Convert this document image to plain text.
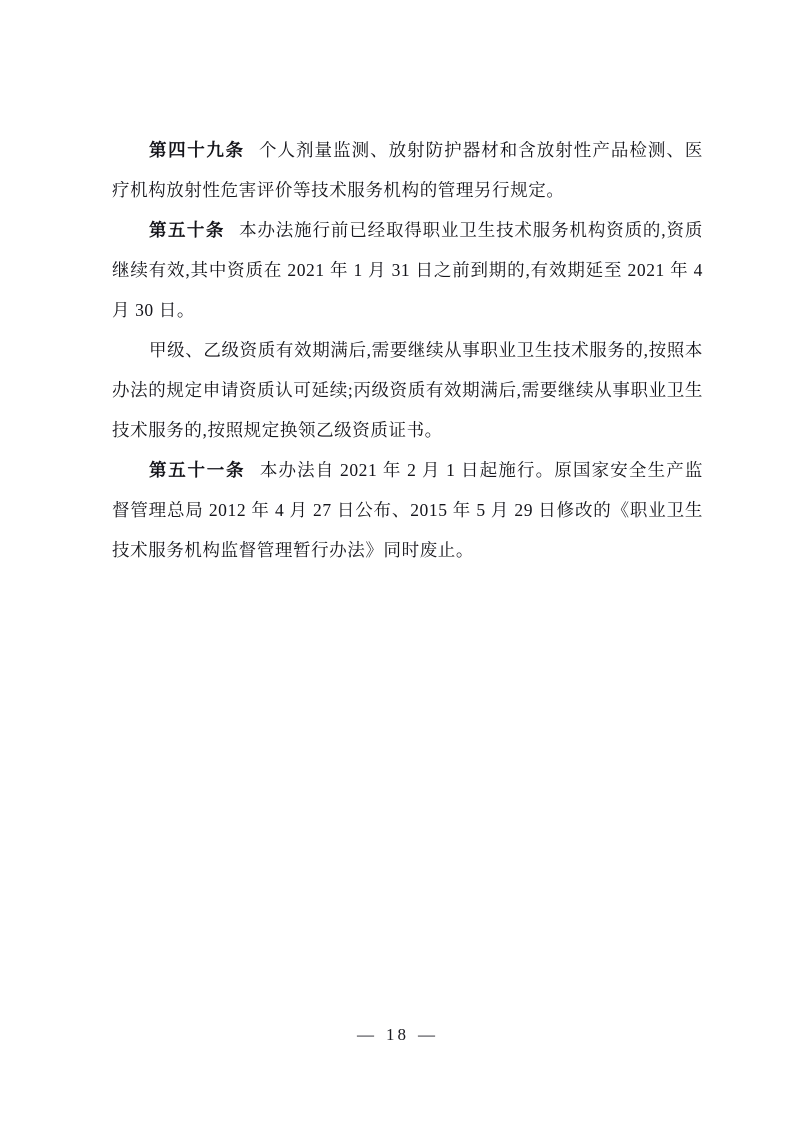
第四十九条 个人剂量监测、放射防护器材和含放射性产品检测、医疗机构放射性危害评价等技术服务机构的管理另行规定。

第五十条 本办法施行前已经取得职业卫生技术服务机构资质的,资质继续有效,其中资质在 2021 年 1 月 31 日之前到期的,有效期延至 2021 年 4 月 30 日。

甲级、乙级资质有效期满后,需要继续从事职业卫生技术服务的,按照本办法的规定申请资质认可延续;丙级资质有效期满后,需要继续从事职业卫生技术服务的,按照规定换领乙级资质证书。

第五十一条 本办法自 2021 年 2 月 1 日起施行。原国家安全生产监督管理总局 2012 年 4 月 27 日公布、2015 年 5 月 29 日修改的《职业卫生技术服务机构监督管理暂行办法》同时废止。

— 18 —
